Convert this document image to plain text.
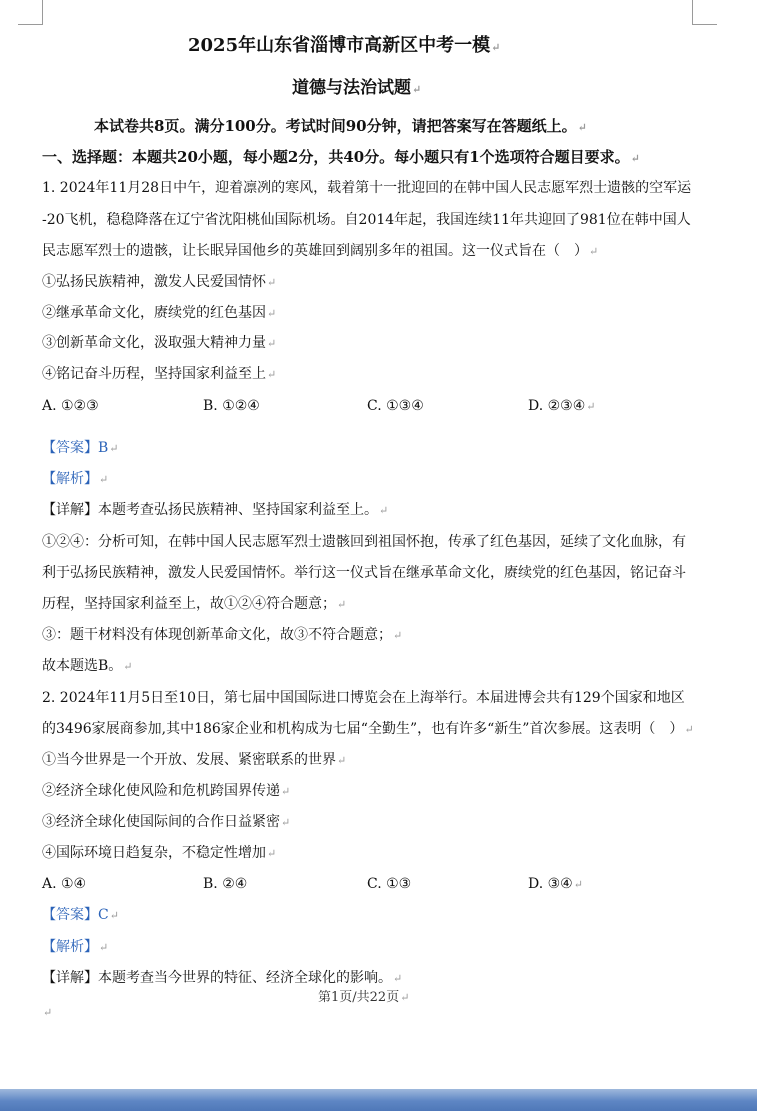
2025年山东省淄博市高新区中考一模↵
道德与法治试题↵
本试卷共8页。满分100分。考试时间90分钟，请把答案写在答题纸上。↵
一、选择题：本题共20小题，每小题2分，共40分。每小题只有1个选项符合题目要求。↵
1. 2024年11月28日中午，迎着凛冽的寒风，载着第十一批迎回的在韩中国人民志愿军烈士遗骸的空军运
-20飞机，稳稳降落在辽宁省沈阳桃仙国际机场。自2014年起，我国连续11年共迎回了981位在韩中国人
民志愿军烈士的遗骸，让长眠异国他乡的英雄回到阔别多年的祖国。这一仪式旨在（　）↵
①弘扬民族精神，激发人民爱国情怀↵
②继承革命文化，赓续党的红色基因↵
③创新革命文化，汲取强大精神力量↵
④铭记奋斗历程，坚持国家利益至上↵
A. ①②③	B. ①②④	C. ①③④	D. ②③④↵
【答案】B↵
【解析】↵
【详解】本题考查弘扬民族精神、坚持国家利益至上。↵
①②④：分析可知，在韩中国人民志愿军烈士遗骸回到祖国怀抱，传承了红色基因，延续了文化血脉，有
利于弘扬民族精神，激发人民爱国情怀。举行这一仪式旨在继承革命文化，赓续党的红色基因，铭记奋斗
历程，坚持国家利益至上，故①②④符合题意；↵
③：题干材料没有体现创新革命文化，故③不符合题意；↵
故本题选B。↵
2. 2024年11月5日至10日，第七届中国国际进口博览会在上海举行。本届进博会共有129个国家和地区
的3496家展商参加,其中186家企业和机构成为七届“全勤生”，也有许多“新生”首次参展。这表明（　）↵
①当今世界是一个开放、发展、紧密联系的世界↵
②经济全球化使风险和危机跨国界传递↵
③经济全球化使国际间的合作日益紧密↵
④国际环境日趋复杂，不稳定性增加↵
A. ①④	B. ②④	C. ①③	D. ③④↵
【答案】C↵
【解析】↵
【详解】本题考查当今世界的特征、经济全球化的影响。↵
第1页/共22页↵
↵
